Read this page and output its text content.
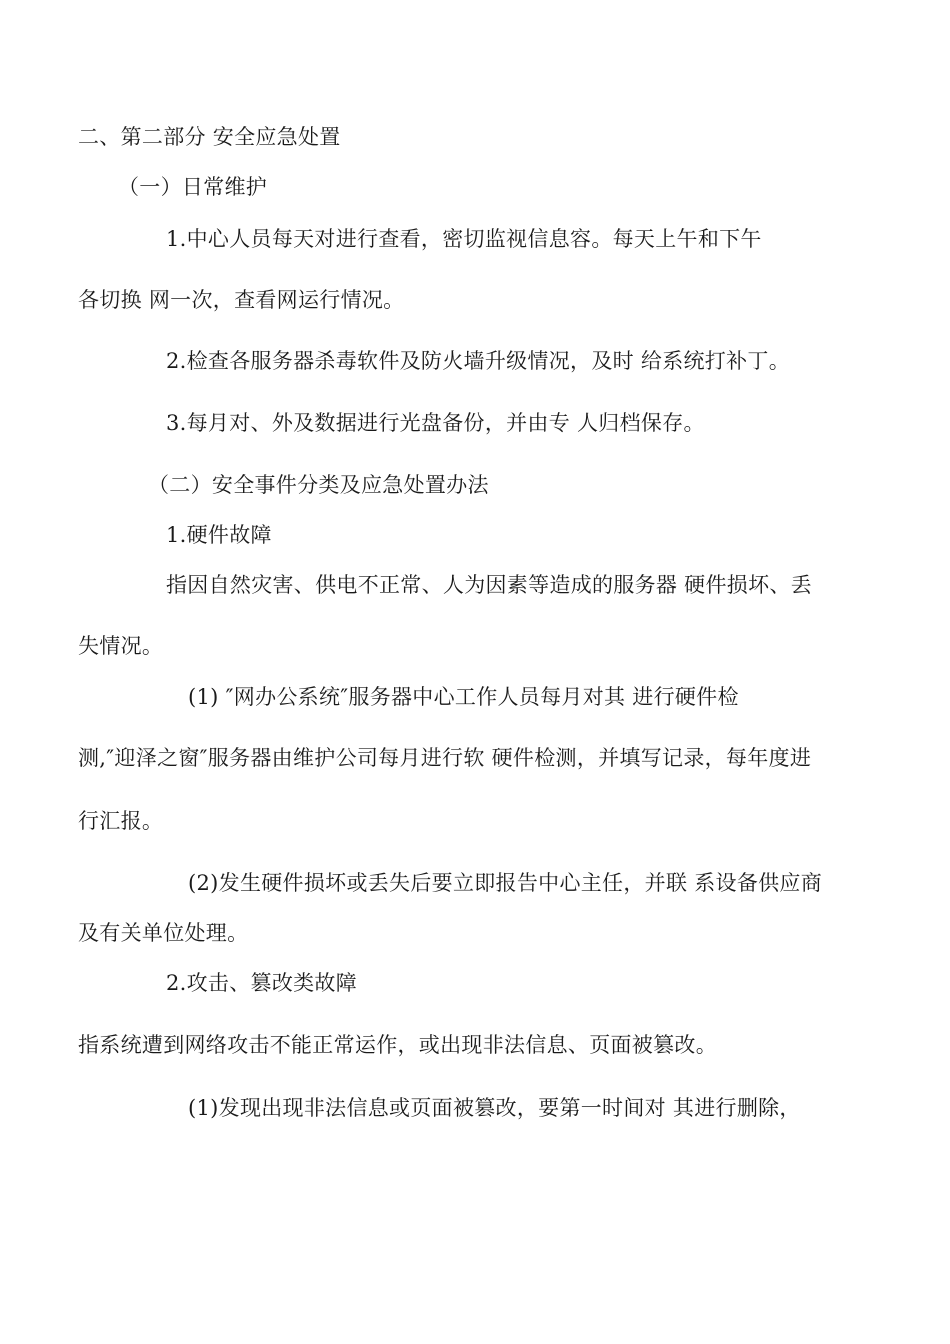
二、第二部分 安全应急处置
（一）日常维护
1.中心人员每天对进行查看，密切监视信息容。每天上午和下午
各切换 网一次，查看网运行情况。
2.检查各服务器杀毒软件及防火墙升级情况，及时 给系统打补丁。
3.每月对、外及数据进行光盘备份，并由专 人归档保存。
（二）安全事件分类及应急处置办法
1.硬件故障
指因自然灾害、供电不正常、人为因素等造成的服务器 硬件损坏、丢
失情况。
(1) ″网办公系统″服务器中心工作人员每月对其 进行硬件检
测,″迎泽之窗″服务器由维护公司每月进行软 硬件检测，并填写记录，每年度进
行汇报。
(2)发生硬件损坏或丢失后要立即报告中心主任，并联 系设备供应商
及有关单位处理。
2.攻击、篡改类故障
指系统遭到网络攻击不能正常运作，或出现非法信息、页面被篡改。
(1)发现出现非法信息或页面被篡改，要第一时间对 其进行删除，
